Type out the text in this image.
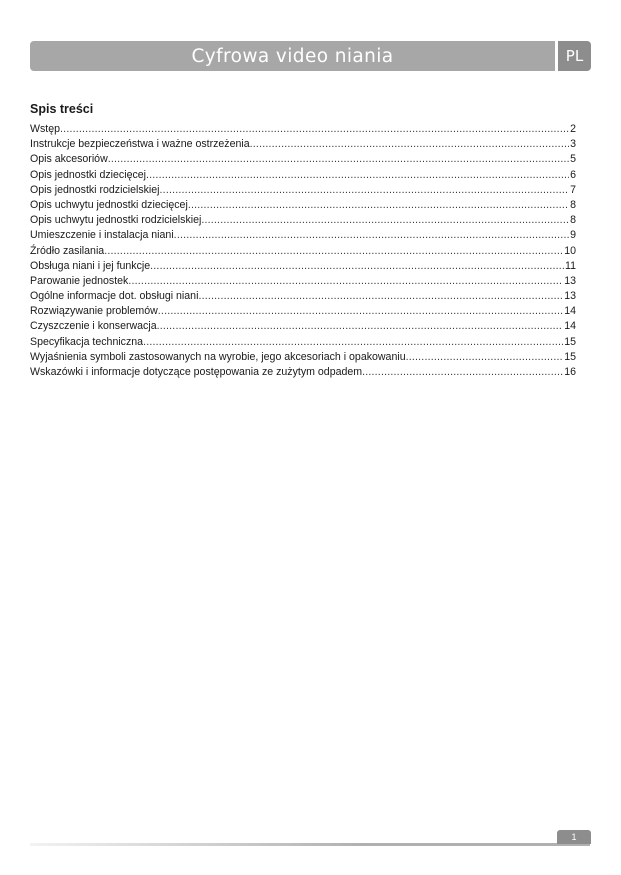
Cyfrowa video niania	PL
Spis treści
Wstęp .....	2
Instrukcje bezpieczeństwa i ważne ostrzeżenia .....	3
Opis akcesoriów .....	5
Opis jednostki dziecięcej .....	6
Opis jednostki rodzicielskiej .....	7
Opis uchwytu jednostki dziecięcej .....	8
Opis uchwytu jednostki rodzicielskiej .....	8
Umieszczenie i instalacja niani .....	9
Źródło zasilania .....	10
Obsługa niani i jej funkcje .....	11
Parowanie jednostek .....	13
Ogólne informacje dot. obsługi niani .....	13
Rozwiązywanie problemów .....	14
Czyszczenie i konserwacja .....	14
Specyfikacja techniczna .....	15
Wyjaśnienia symboli zastosowanych na wyrobie, jego akcesoriach i opakowaniu .....	15
Wskazówki i informacje dotyczące postępowania ze zużytym odpadem .....	16
1
